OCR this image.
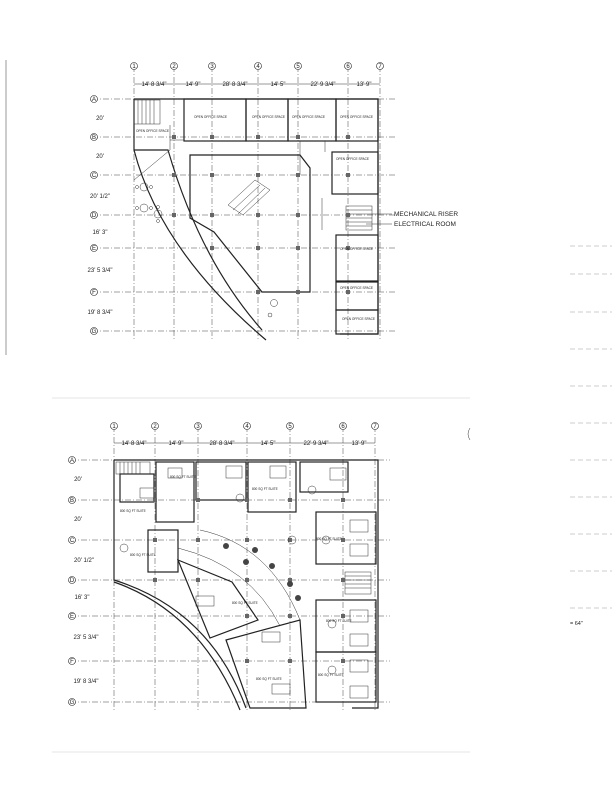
1	2	3	4	5	6	7
14' 8 3/4"	14' 9"	28' 8 3/4"	14' 5"	22' 9 3/4"	13' 9"
A
B
C
D
E
F
G
20'
20'
20' 1/2"
16' 3"
23' 5 3/4"
19' 8 3/4"
OPEN OFFICE SPACE
OPEN OFFICE SPACE	OPEN OFFICE SPACE OPEN OFFICE SPACE	OPEN OFFICE SPACE
OPEN OFFICE SPACE
OPEN OFFICE SPACE
OPEN OFFICE SPACE
OPEN OFFICE SPACE
MECHANICAL RISER
ELECTRICAL ROOM
1	2	3	4	5	6	7
14' 8 3/4"	14' 9"	28' 8 3/4"	14' 5"	22' 9 3/4"	13' 9"
A
B
C
D
E
F
G
20'
20'
20' 1/2"
16' 3"
23' 5 3/4"
19' 8 3/4"
800 SQ FT SUITE
800 SQ FT SUITE
800 SQ FT SUITE
800 SQ FT SUITE
800 SQ FT SUITE
800 SQ FT SUITE
800 SQ FT SUITE
800 SQ FT SUITE
800 SQ FT SUITE
= 64"
